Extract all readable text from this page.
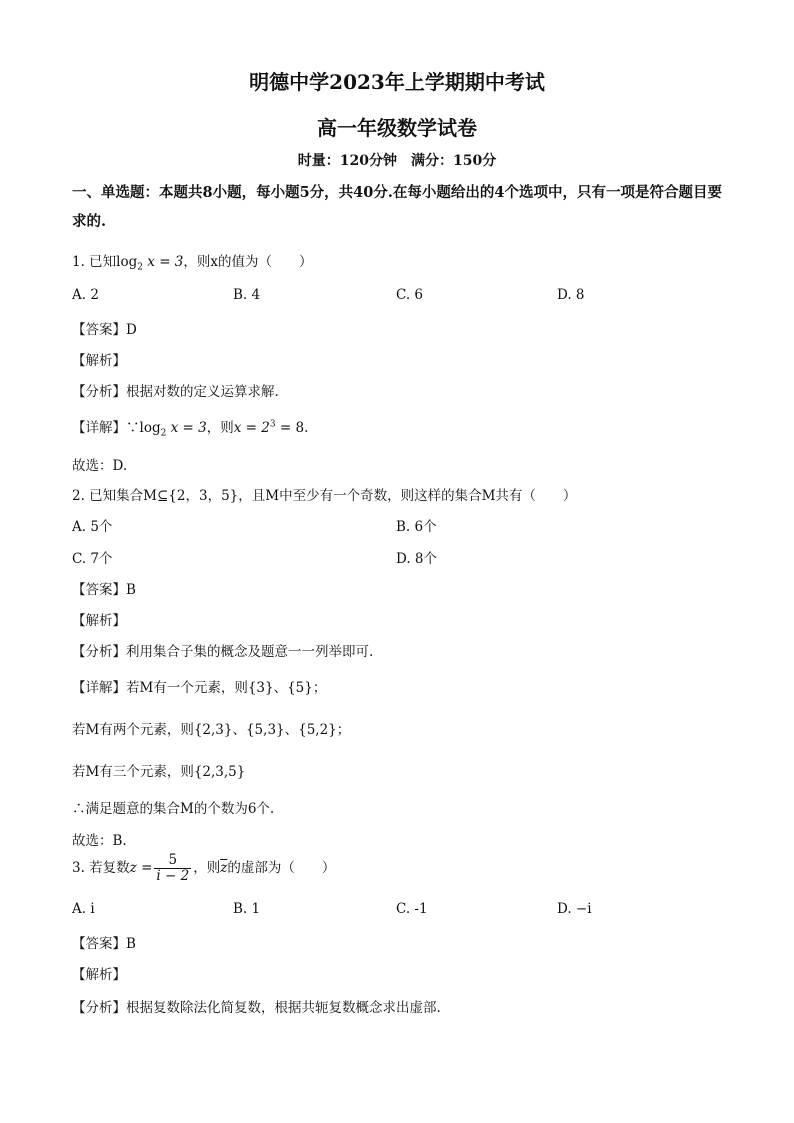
明德中学2023年上学期期中考试
高一年级数学试卷
时量：120分钟　满分：150分
一、单选题：本题共8小题，每小题5分，共40分.在每小题给出的4个选项中，只有一项是符合题目要求的.
1. 已知$\log_2 x = 3$，则x的值为（　　）
A. 2	B. 4	C. 6	D. 8
【答案】D
【解析】
【分析】根据对数的定义运算求解.
【详解】$\because\log_2$ x = 3，则$x = 2^3 = 8$.
故选：D.
2. 已知集合M⊆{2，3，5}，且M中至少有一个奇数，则这样的集合M共有（　　）
A. 5个	B. 6个
C. 7个	D. 8个
【答案】B
【解析】
【分析】利用集合子集的概念及题意一一列举即可.
【详解】若M有一个元素，则{3}、{5}；
若M有两个元素，则{2,3}、{5,3}、{5,2}；
若M有三个元素，则{2,3,5}
∴满足题意的集合M的个数为6个.
故选：B.
3. 若复数$z = \frac{5}{i - 2}$ ，则$\overline{z}$的虚部为（　　）
A. i	B. 1	C. -1	D. −i
【答案】B
【解析】
【分析】根据复数除法化简复数，根据共轭复数概念求出虚部.
